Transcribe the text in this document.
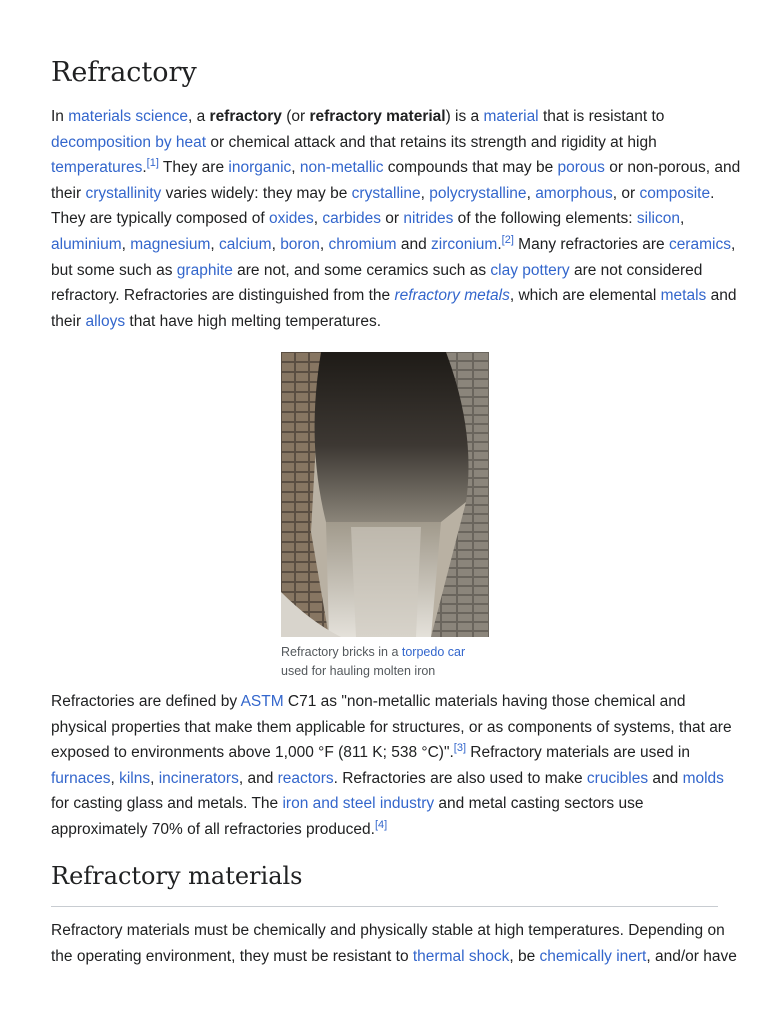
Refractory

In materials science, a refractory (or refractory material) is a material that is resistant to
decomposition by heat or chemical attack and that retains its strength and rigidity at high
temperatures.[1] They are inorganic, non-metallic compounds that may be porous or non-porous, and
their crystallinity varies widely: they may be crystalline, polycrystalline, amorphous, or composite.
They are typically composed of oxides, carbides or nitrides of the following elements: silicon,
aluminium, magnesium, calcium, boron, chromium and zirconium.[2] Many refractories are ceramics,
but some such as graphite are not, and some ceramics such as clay pottery are not considered
refractory. Refractories are distinguished from the refractory metals, which are elemental metals and
their alloys that have high melting temperatures.

Refractory bricks in a torpedo car
used for hauling molten iron

Refractories are defined by ASTM C71 as "non-metallic materials having those chemical and
physical properties that make them applicable for structures, or as components of systems, that are
exposed to environments above 1,000 °F (811 K; 538 °C)".[3] Refractory materials are used in
furnaces, kilns, incinerators, and reactors. Refractories are also used to make crucibles and molds
for casting glass and metals. The iron and steel industry and metal casting sectors use
approximately 70% of all refractories produced.[4]

Refractory materials

Refractory materials must be chemically and physically stable at high temperatures. Depending on
the operating environment, they must be resistant to thermal shock, be chemically inert, and/or have
